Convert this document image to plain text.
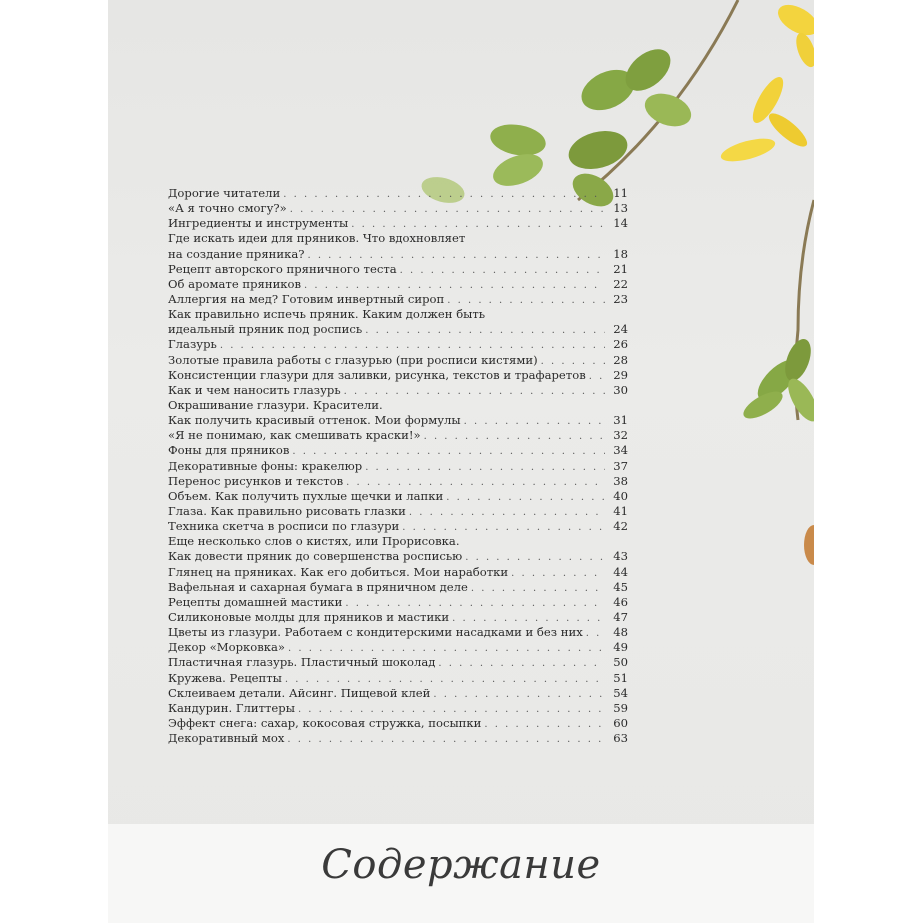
Дорогие читатели . . .	11
«А я точно смогу?» . . .	13
Ингредиенты и инструменты . . .	14
Где искать идеи для пряников. Что вдохновляет
на создание пряника? . . .	18
Рецепт авторского пряничного теста . . .	21
Об аромате пряников . . .	22
Аллергия на мед? Готовим инвертный сироп . . .	23
Как правильно испечь пряник. Каким должен быть
идеальный пряник под роспись . . .	24
Глазурь . . .	26
Золотые правила работы с глазурью (при росписи кистями) . . .	28
Консистенции глазури для заливки, рисунка, текстов и трафаретов . . .	29
Как и чем наносить глазурь . . .	30
Окрашивание глазури. Красители.
Как получить красивый оттенок. Мои формулы . . .	31
«Я не понимаю, как смешивать краски!» . . .	32
Фоны для пряников . . .	34
Декоративные фоны: кракелюр . . .	37
Перенос рисунков и текстов . . .	38
Объем. Как получить пухлые щечки и лапки . . .	40
Глаза. Как правильно рисовать глазки . . .	41
Техника скетча в росписи по глазури . . .	42
Еще несколько слов о кистях, или Прорисовка.
Как довести пряник до совершенства росписью . . .	43
Глянец на пряниках. Как его добиться. Мои наработки . . .	44
Вафельная и сахарная бумага в пряничном деле . . .	45
Рецепты домашней мастики . . .	46
Силиконовые молды для пряников и мастики . . .	47
Цветы из глазури. Работаем с кондитерскими насадками и без них . . .	48
Декор «Морковка» . . .	49
Пластичная глазурь. Пластичный шоколад . . .	50
Кружева. Рецепты . . .	51
Склеиваем детали. Айсинг. Пищевой клей . . .	54
Кандурин. Глиттеры . . .	59
Эффект снега: сахар, кокосовая стружка, посыпки . . .	60
Декоративный мох . . .	63
Содержание
